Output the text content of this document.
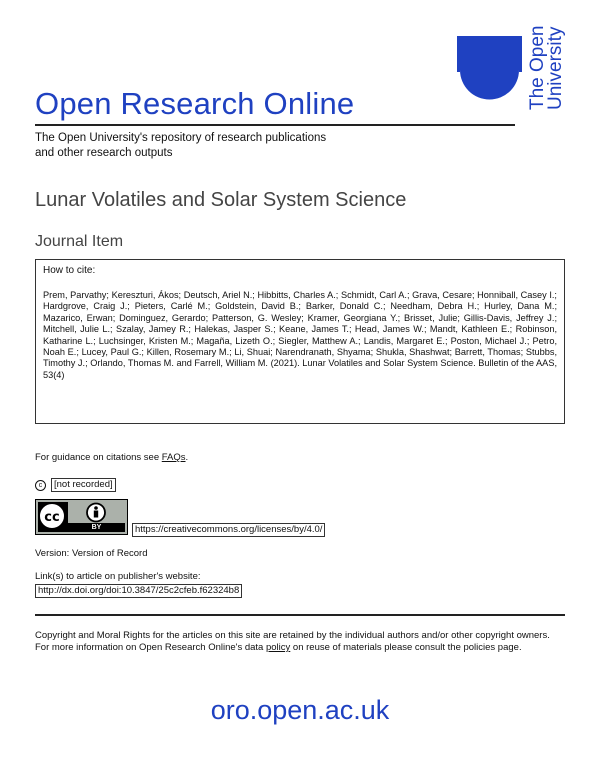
Open Research Online
The Open University's repository of research publications
and other research outputs
The Open
University
Lunar Volatiles and Solar System Science
Journal Item
How to cite:
Prem, Parvathy; Kereszturi, Ákos; Deutsch, Ariel N.; Hibbitts, Charles A.; Schmidt, Carl A.; Grava, Cesare; Honniball, Casey I.; Hardgrove, Craig J.; Pieters, Carlé M.; Goldstein, David B.; Barker, Donald C.; Needham, Debra H.; Hurley, Dana M.; Mazarico, Erwan; Dominguez, Gerardo; Patterson, G. Wesley; Kramer, Georgiana Y.; Brisset, Julie; Gillis-Davis, Jeffrey J.; Mitchell, Julie L.; Szalay, Jamey R.; Halekas, Jasper S.; Keane, James T.; Head, James W.; Mandt, Kathleen E.; Robinson, Katharine L.; Luchsinger, Kristen M.; Magaña, Lizeth O.; Siegler, Matthew A.; Landis, Margaret E.; Poston, Michael J.; Petro, Noah E.; Lucey, Paul G.; Killen, Rosemary M.; Li, Shuai; Narendranath, Shyama; Shukla, Shashwat; Barrett, Thomas; Stubbs, Timothy J.; Orlando, Thomas M. and Farrell, William M. (2021). Lunar Volatiles and Solar System Science. Bulletin of the AAS, 53(4)
For guidance on citations see FAQs.
c	[not recorded]
cc
BY	https://creativecommons.org/licenses/by/4.0/
Version: Version of Record
Link(s) to article on publisher's website:
http://dx.doi.org/doi:10.3847/25c2cfeb.f62324b8
Copyright and Moral Rights for the articles on this site are retained by the individual authors and/or other copyright owners. For more information on Open Research Online's data policy on reuse of materials please consult the policies page.
oro.open.ac.uk
